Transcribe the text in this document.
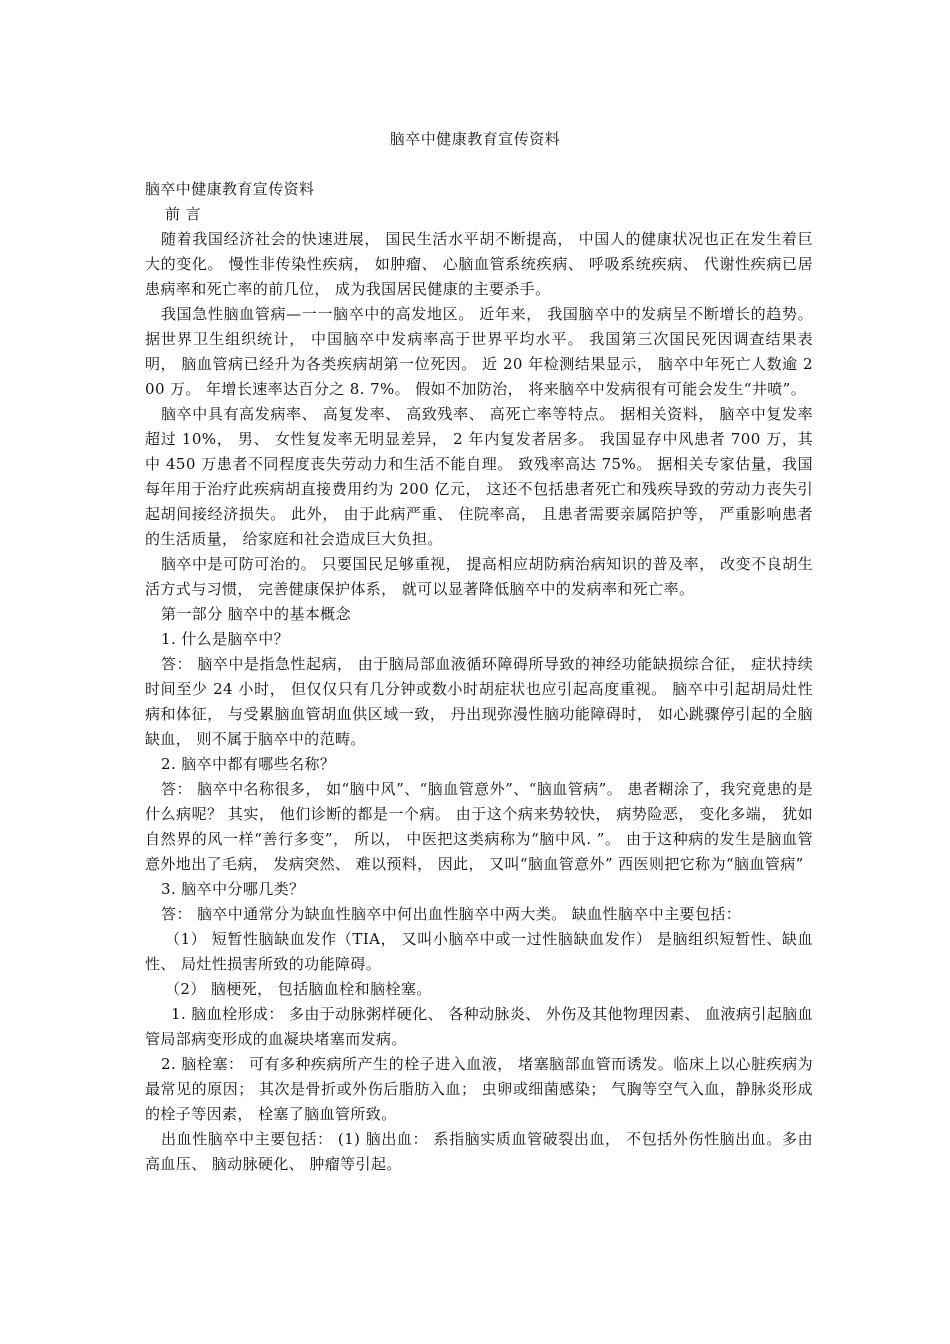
脑卒中健康教育宣传资料

脑卒中健康教育宣传资料

前 言

随着我国经济社会的快速进展， 国民生活水平胡不断提高， 中国人的健康状况也正在发生着巨大的变化。 慢性非传染性疾病， 如肿瘤、 心脑血管系统疾病、 呼吸系统疾病、 代谢性疾病已居患病率和死亡率的前几位， 成为我国居民健康的主要杀手。

我国急性脑血管病—一一脑卒中的高发地区。 近年来， 我国脑卒中的发病呈不断增长的趋势。 据世界卫生组织统计， 中国脑卒中发病率高于世界平均水平。 我国第三次国民死因调查结果表明， 脑血管病已经升为各类疾病胡第一位死因。 近 20 年检测结果显示， 脑卒中年死亡人数逾 200 万。 年增长速率达百分之 8. 7%。 假如不加防治， 将来脑卒中发病很有可能会发生“井喷”。

脑卒中具有高发病率、 高复发率、 高致残率、 高死亡率等特点。 据相关资料， 脑卒中复发率超过 10%， 男、 女性复发率无明显差异， 2 年内复发者居多。 我国显存中风患者 700 万，其中 450 万患者不同程度丧失劳动力和生活不能自理。 致残率高达 75%。 据相关专家估量，我国每年用于治疗此疾病胡直接费用约为 200 亿元， 这还不包括患者死亡和残疾导致的劳动力丧失引起胡间接经济损失。 此外， 由于此病严重、 住院率高， 且患者需要亲属陪护等， 严重影响患者的生活质量， 给家庭和社会造成巨大负担。

脑卒中是可防可治的。 只要国民足够重视， 提高相应胡防病治病知识的普及率， 改变不良胡生活方式与习惯， 完善健康保护体系， 就可以显著降低脑卒中的发病率和死亡率。

第一部分 脑卒中的基本概念

1. 什么是脑卒中？

答： 脑卒中是指急性起病， 由于脑局部血液循环障碍所导致的神经功能缺损综合征， 症状持续时间至少 24 小时， 但仅仅只有几分钟或数小时胡症状也应引起高度重视。 脑卒中引起胡局灶性病和体征， 与受累脑血管胡血供区域一致， 丹出现弥漫性脑功能障碍时， 如心跳骤停引起的全脑缺血， 则不属于脑卒中的范畴。

2. 脑卒中都有哪些名称？

答： 脑卒中名称很多， 如“脑中风”、“脑血管意外”、“脑血管病”。 患者糊涂了，我究竟患的是什么病呢？ 其实， 他们诊断的都是一个病。 由于这个病来势较快， 病势险恶， 变化多端， 犹如自然界的风一样“善行多变”， 所以， 中医把这类病称为“脑中风. ”。 由于这种病的发生是脑血管意外地出了毛病， 发病突然、 难以预料， 因此， 又叫“脑血管意外” 西医则把它称为“脑血管病”

3. 脑卒中分哪几类？

答： 脑卒中通常分为缺血性脑卒中何出血性脑卒中两大类。 缺血性脑卒中主要包括：

（1） 短暂性脑缺血发作（TIA， 又叫小脑卒中或一过性脑缺血发作） 是脑组织短暂性、缺血性、 局灶性损害所致的功能障碍。

（2） 脑梗死， 包括脑血栓和脑栓塞。

1. 脑血栓形成： 多由于动脉粥样硬化、 各种动脉炎、 外伤及其他物理因素、 血液病引起脑血管局部病变形成的血凝块堵塞而发病。

2. 脑栓塞： 可有多种疾病所产生的栓子进入血液， 堵塞脑部血管而诱发。临床上以心脏疾病为最常见的原因； 其次是骨折或外伤后脂肪入血； 虫卵或细菌感染； 气胸等空气入血，静脉炎形成的栓子等因素， 栓塞了脑血管所致。

出血性脑卒中主要包括： (1) 脑出血： 系指脑实质血管破裂出血， 不包括外伤性脑出血。多由高血压、 脑动脉硬化、 肿瘤等引起。
